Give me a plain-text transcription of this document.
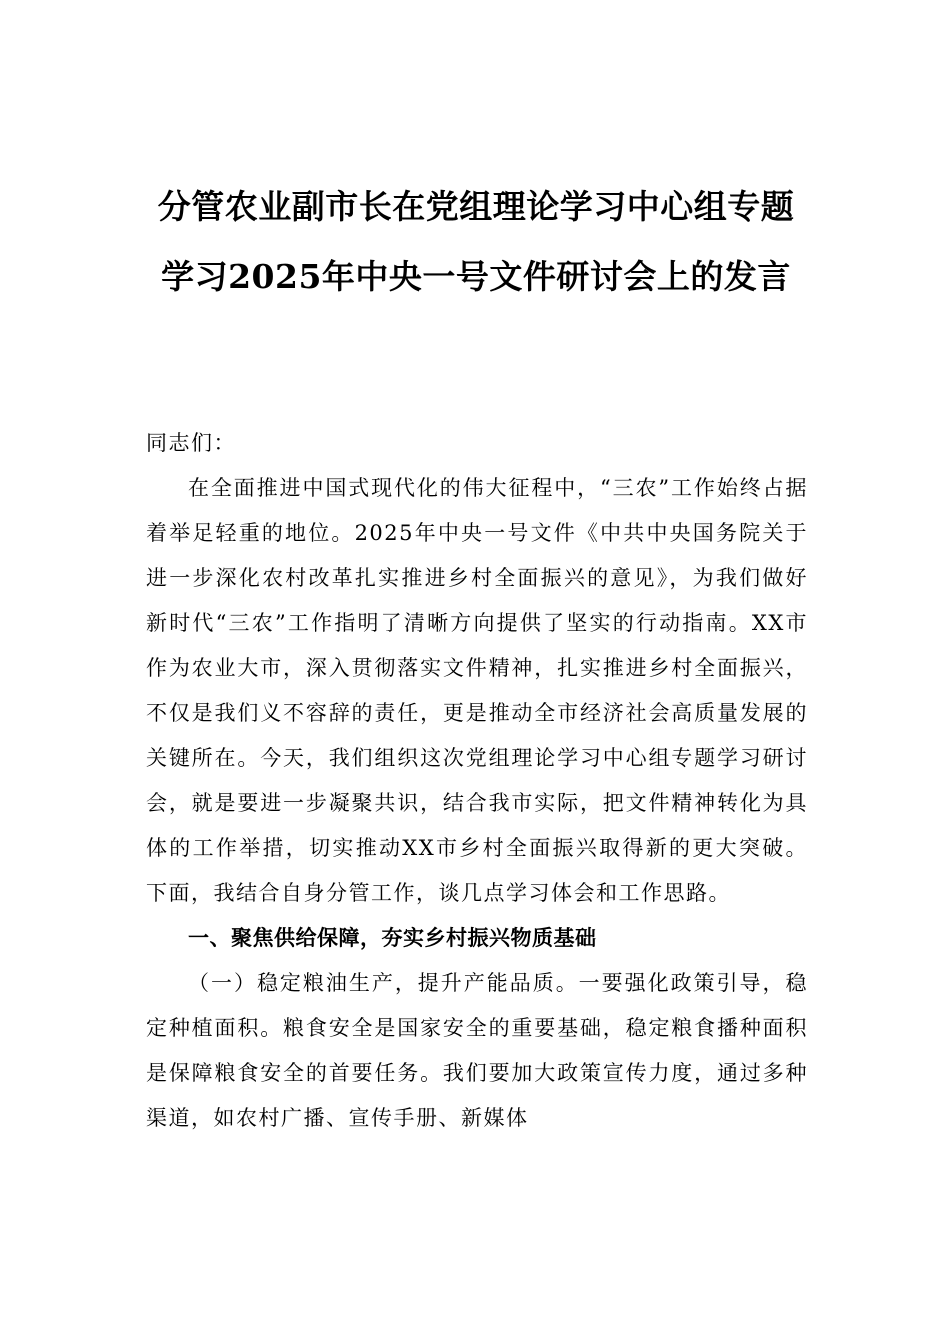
分管农业副市长在党组理论学习中心组专题学习2025年中央一号文件研讨会上的发言

同志们：

在全面推进中国式现代化的伟大征程中，“三农”工作始终占据着举足轻重的地位。2025年中央一号文件《中共中央国务院关于进一步深化农村改革扎实推进乡村全面振兴的意见》，为我们做好新时代“三农”工作指明了清晰方向提供了坚实的行动指南。XX市作为农业大市，深入贯彻落实文件精神，扎实推进乡村全面振兴，不仅是我们义不容辞的责任，更是推动全市经济社会高质量发展的关键所在。今天，我们组织这次党组理论学习中心组专题学习研讨会，就是要进一步凝聚共识，结合我市实际，把文件精神转化为具体的工作举措，切实推动XX市乡村全面振兴取得新的更大突破。下面，我结合自身分管工作，谈几点学习体会和工作思路。

一、聚焦供给保障，夯实乡村振兴物质基础

（一）稳定粮油生产，提升产能品质。一要强化政策引导，稳定种植面积。粮食安全是国家安全的重要基础，稳定粮食播种面积是保障粮食安全的首要任务。我们要加大政策宣传力度，通过多种渠道，如农村广播、宣传手册、新媒体
